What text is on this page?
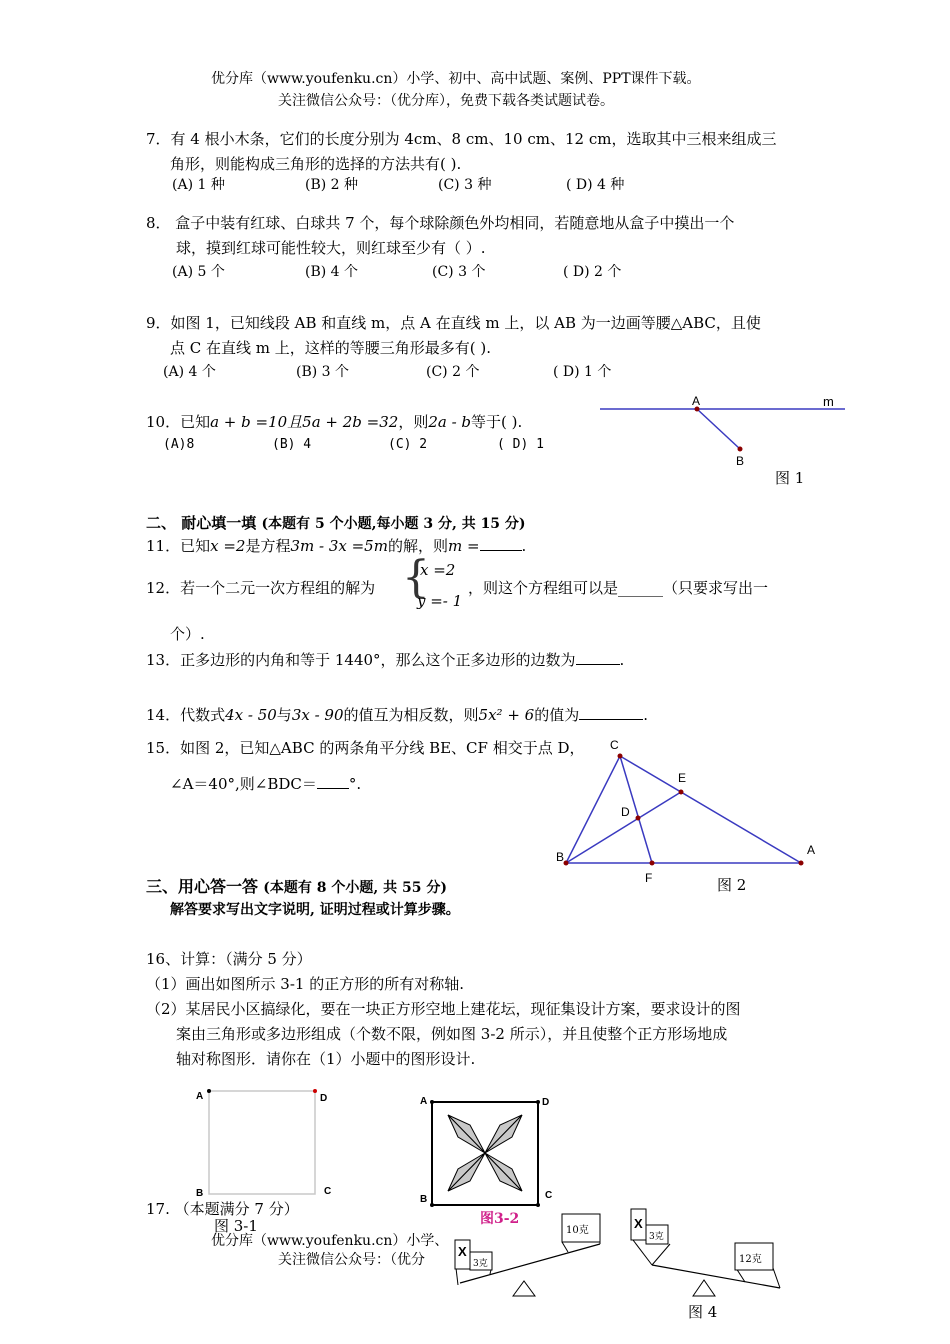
优分库（www.youfenku.cn）小学、初中、高中试题、案例、PPT课件下载。
关注微信公众号：（优分库），免费下载各类试题试卷。
7．有 4 根小木条，它们的长度分别为 4cm、8 cm、10 cm、12 cm，选取其中三根来组成三
角形，则能构成三角形的选择的方法共有( ).
(A) 1 种	(B) 2 种	(C) 3 种	( D) 4 种
8． 盒子中装有红球、白球共 7 个，每个球除颜色外均相同，若随意地从盒子中摸出一个
球，摸到红球可能性较大，则红球至少有（ ）.
(A) 5 个	(B) 4 个	(C) 3 个	( D) 2 个
9．如图 1，已知线段 AB 和直线 m，点 A 在直线 m 上，以 AB 为一边画等腰△ABC，且使
点 C 在直线 m 上，这样的等腰三角形最多有( ).
(A) 4 个	(B) 3 个	(C) 2 个	( D) 1 个
10．已知a + b =10且5a + 2b =32，则2a - b等于( ).
(A)8	(B) 4	(C) 2	( D) 1
A
B
m
图 1
二、 耐心填一填 (本题有 5 个小题,每小题 3 分, 共 15 分)
11．已知x =2是方程3m - 3x =5m的解，则m =	.
12．若一个二元一次方程组的解为 {
x =2
y =- 1
，则这个方程组可以是______（只要求写出一
个）.
13．正多边形的内角和等于 1440°，那么这个正多边形的边数为	.
14．代数式4x - 50与3x - 90的值互为相反数，则5x² + 6的值为	.
15．如图 2，已知△ABC 的两条角平分线 BE、CF 相交于点 D，
∠A＝40°,则∠BDC＝ °.
C
E
D
B	A
F	图 2
三、用心答一答 (本题有 8 个小题, 共 55 分)
解答要求写出文字说明, 证明过程或计算步骤。
16、计算：（满分 5 分）
（1）画出如图所示 3-1 的正方形的所有对称轴.
（2）某居民小区搞绿化，要在一块正方形空地上建花坛，现征集设计方案，要求设计的图
案由三角形或多边形组成（个数不限，例如图 3-2 所示），并且使整个正方形场地成
轴对称图形．请你在（1）小题中的图形设计.
A	D
B	C
17. （本题满分 7 分）
图 3-1
A	D
B	C
图3-2
优分库（www.youfenku.cn）小学、
关注微信公众号：（优分
X
3克
10克	X
3克
12克
图 4
